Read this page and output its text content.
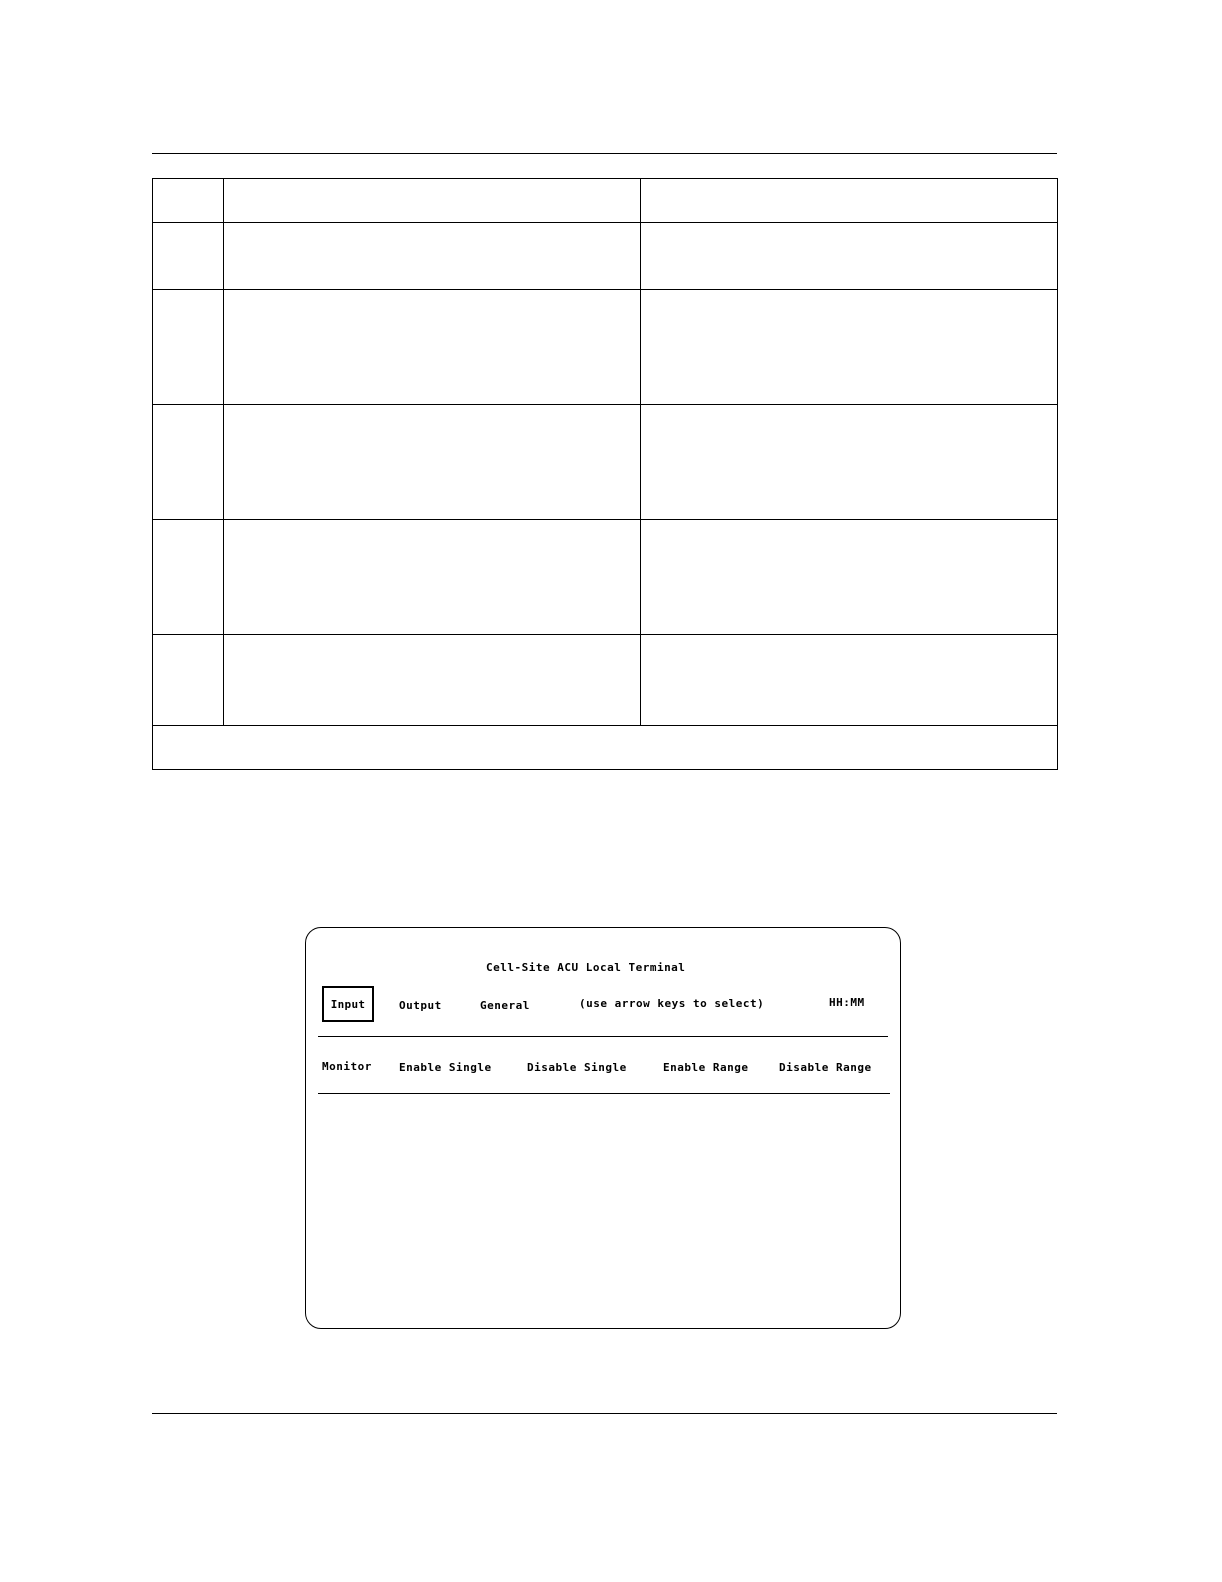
Cell-Site ACU Local Terminal
Input	Output	General	(use arrow keys to select)	HH:MM
Monitor Enable Single	Disable Single	Enable Range	Disable Range
